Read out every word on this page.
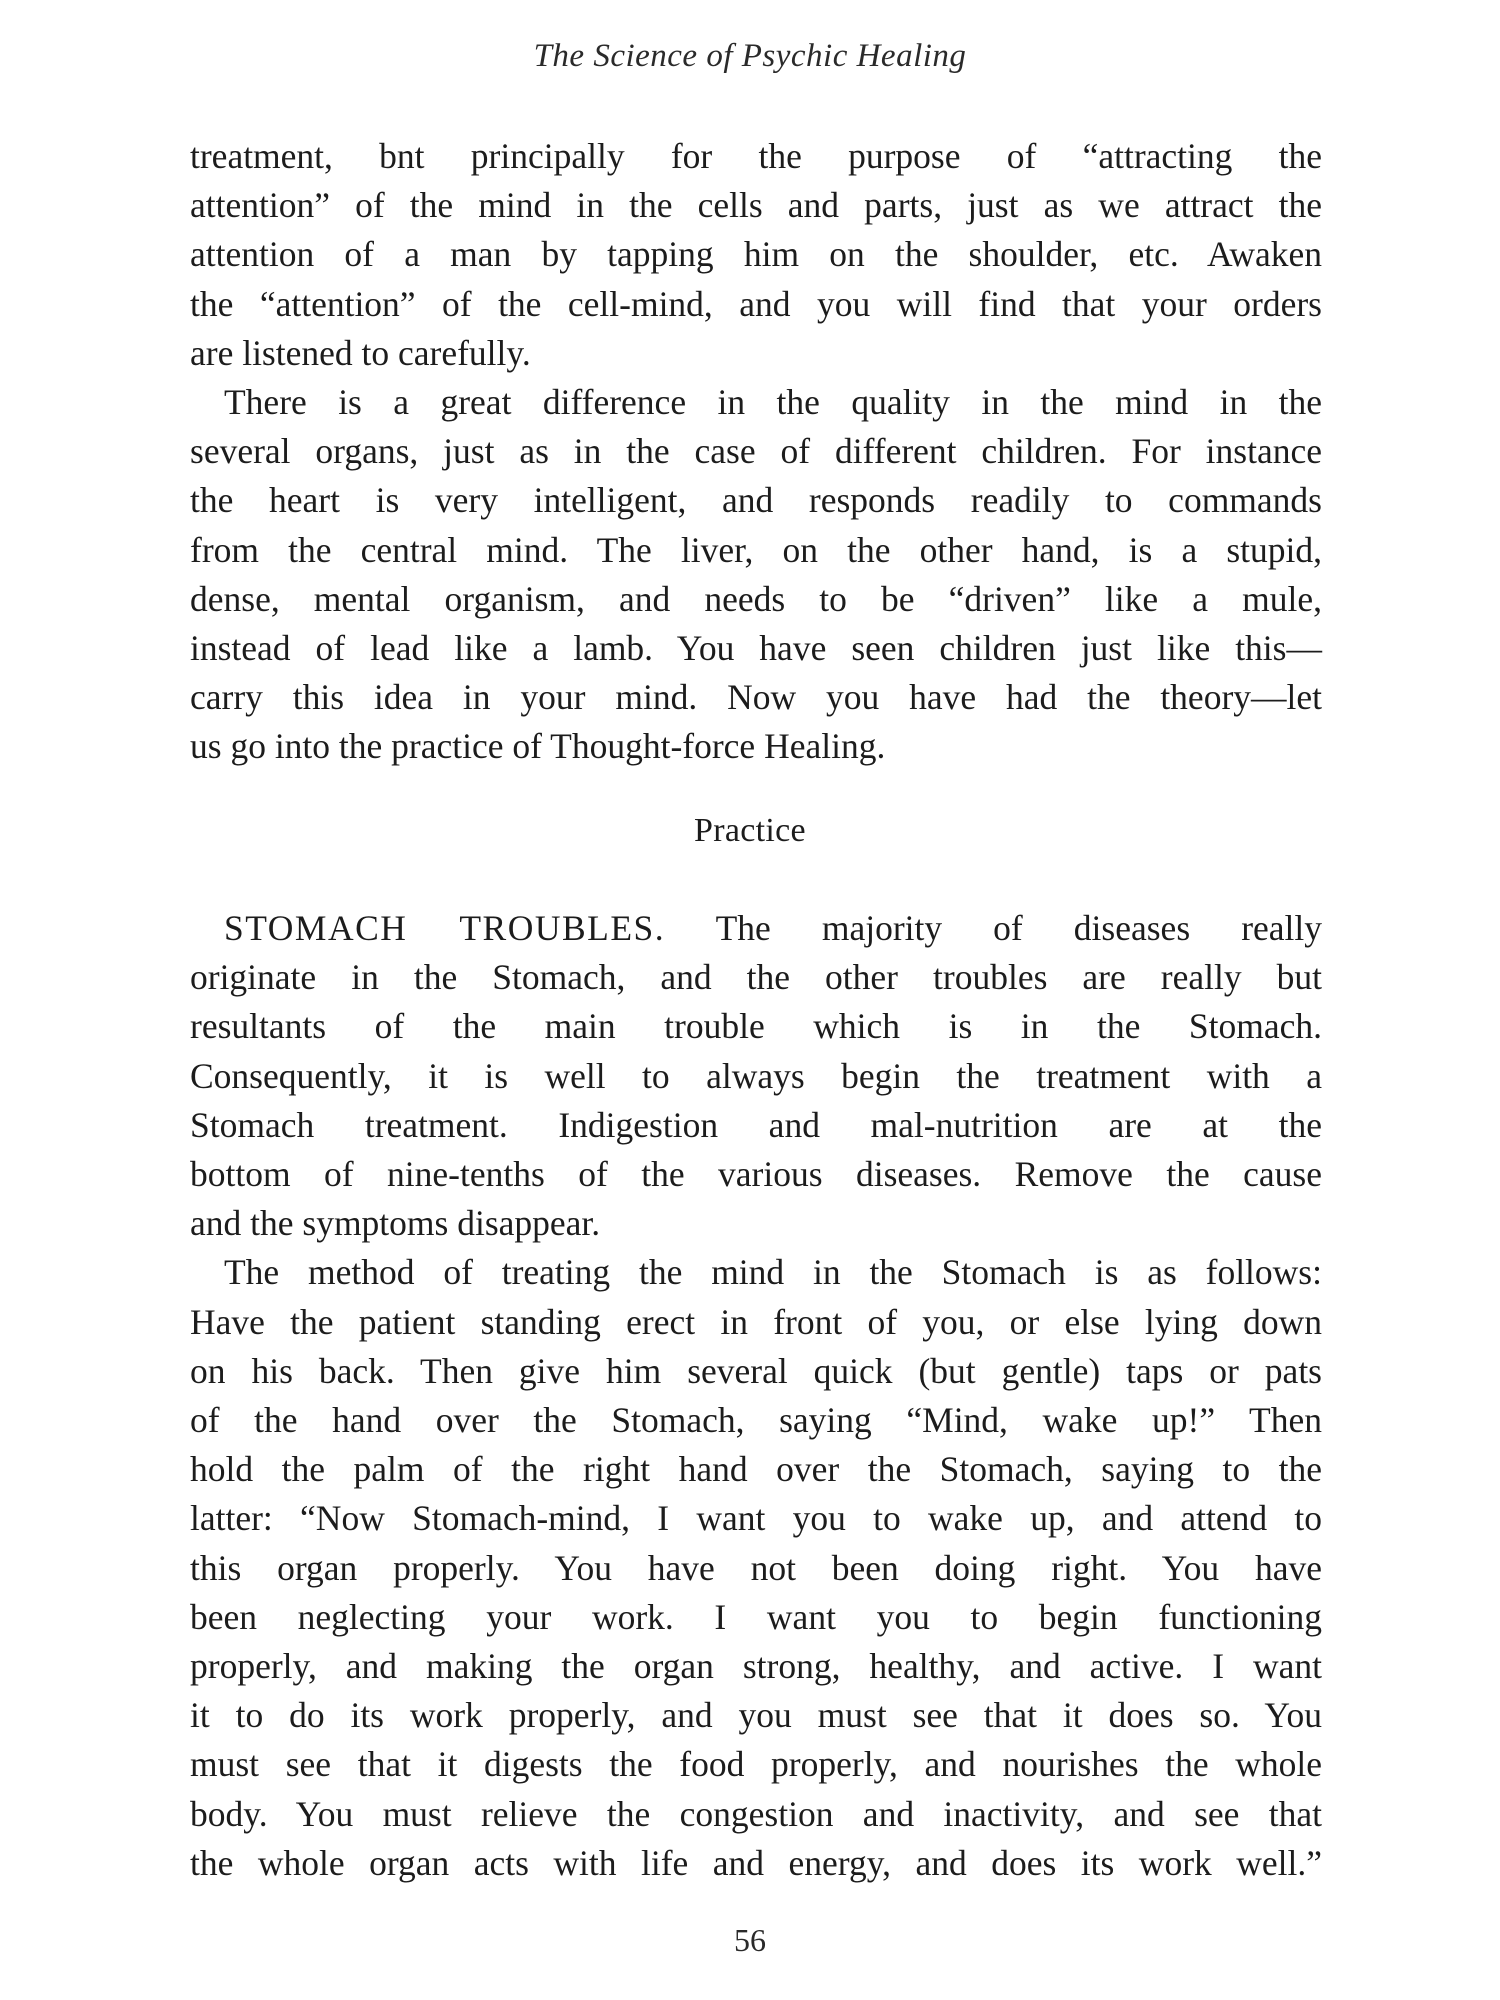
The Science of Psychic Healing
treatment, bnt principally for the purpose of “attracting the
attention” of the mind in the cells and parts, just as we attract the
attention of a man by tapping him on the shoulder, etc. Awaken
the “attention” of the cell-mind, and you will find that your orders
are listened to carefully.
There is a great difference in the quality in the mind in the
several organs, just as in the case of different children. For instance
the heart is very intelligent, and responds readily to commands
from the central mind. The liver, on the other hand, is a stupid,
dense, mental organism, and needs to be “driven” like a mule,
instead of lead like a lamb. You have seen children just like this—
carry this idea in your mind. Now you have had the theory—let
us go into the practice of Thought-force Healing.
Practice
STOMACH TROUBLES. The majority of diseases really
originate in the Stomach, and the other troubles are really but
resultants of the main trouble which is in the Stomach.
Consequently, it is well to always begin the treatment with a
Stomach treatment. Indigestion and mal-nutrition are at the
bottom of nine-tenths of the various diseases. Remove the cause
and the symptoms disappear.
The method of treating the mind in the Stomach is as follows:
Have the patient standing erect in front of you, or else lying down
on his back. Then give him several quick (but gentle) taps or pats
of the hand over the Stomach, saying “Mind, wake up!” Then
hold the palm of the right hand over the Stomach, saying to the
latter: “Now Stomach-mind, I want you to wake up, and attend to
this organ properly. You have not been doing right. You have
been neglecting your work. I want you to begin functioning
properly, and making the organ strong, healthy, and active. I want
it to do its work properly, and you must see that it does so. You
must see that it digests the food properly, and nourishes the whole
body. You must relieve the congestion and inactivity, and see that
the whole organ acts with life and energy, and does its work well.”
56
